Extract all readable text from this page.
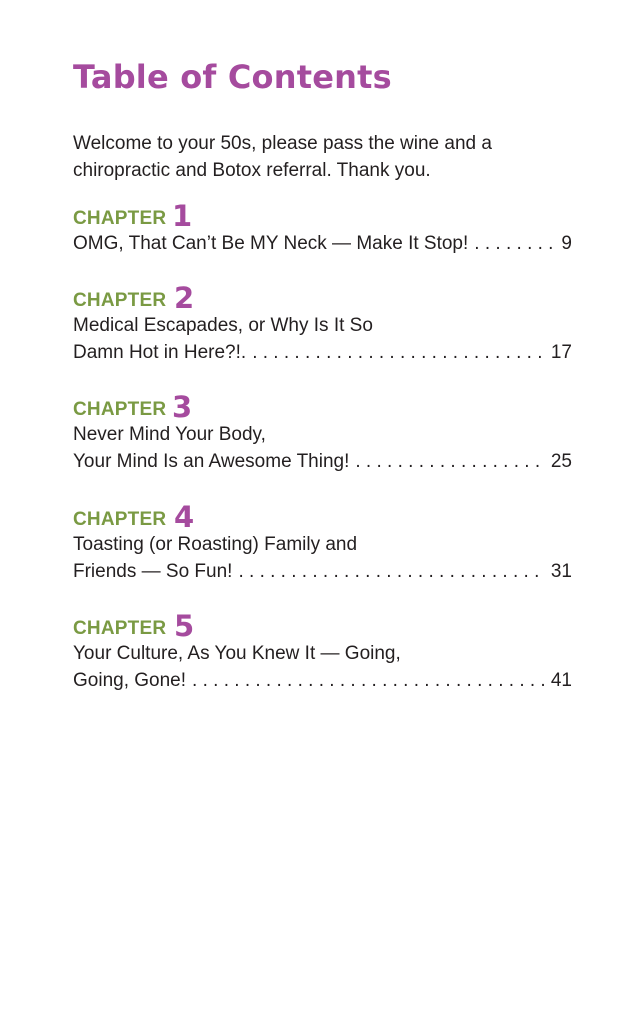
Table of Contents

Welcome to your 50s, please pass the wine and a chiropractic and Botox referral. Thank you.

CHAPTER 1
OMG, That Can’t Be MY Neck — Make It Stop! . . .	9
CHAPTER 2
Medical Escapades, or Why Is It So
Damn Hot in Here?!. . . .	17
CHAPTER 3
Never Mind Your Body,
Your Mind Is an Awesome Thing! . . .	25
CHAPTER 4
Toasting (or Roasting) Family and
Friends — So Fun! . . .	31
CHAPTER 5
Your Culture, As You Knew It — Going,
Going, Gone! . . .	41
